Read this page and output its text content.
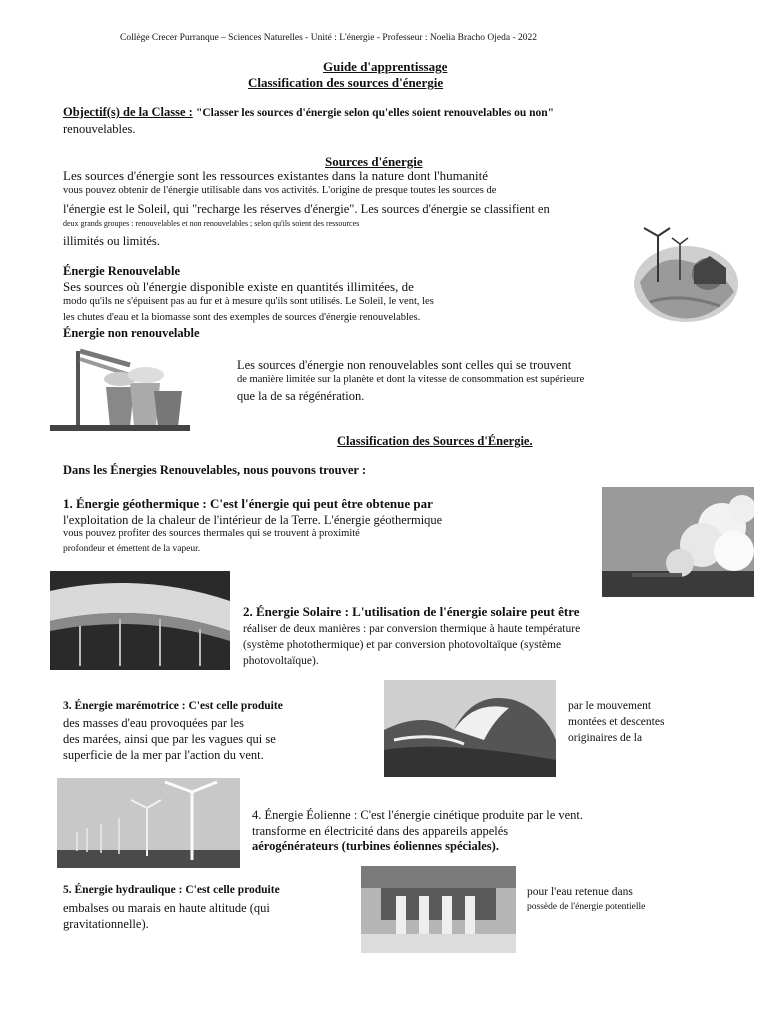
Collège Crecer Purranque – Sciences Naturelles - Unité : L'énergie - Professeur : Noelia Bracho Ojeda - 2022
Guide d'apprentissage
Classification des sources d'énergie
Objectif(s) de la Classe : "Classer les sources d'énergie selon qu'elles soient renouvelables ou non"
renouvelables.
Sources d'énergie
Les sources d'énergie sont les ressources existantes dans la nature dont l'humanité
vous pouvez obtenir de l'énergie utilisable dans vos activités. L'origine de presque toutes les sources de
l'énergie est le Soleil, qui "recharge les réserves d'énergie". Les sources d'énergie se classifient en
deux grands groupes : renouvelables et non renouvelables ; selon qu'ils soient des ressources
illimités ou limités.
Énergie Renouvelable
Ses sources où l'énergie disponible existe en quantités illimitées, de
modo qu'ils ne s'épuisent pas au fur et à mesure qu'ils sont utilisés. Le Soleil, le vent, les
les chutes d'eau et la biomasse sont des exemples de sources d'énergie renouvelables.
Énergie non renouvelable
Les sources d'énergie non renouvelables sont celles qui se trouvent
de manière limitée sur la planète et dont la vitesse de consommation est supérieure
que la de sa régénération.
Classification des Sources d'Énergie.
Dans les Énergies Renouvelables, nous pouvons trouver :
1. Énergie géothermique : C'est l'énergie qui peut être obtenue par
l'exploitation de la chaleur de l'intérieur de la Terre. L'énergie géothermique
vous pouvez profiter des sources thermales qui se trouvent à proximité
profondeur et émettent de la vapeur.
2. Énergie Solaire : L'utilisation de l'énergie solaire peut être
réaliser de deux manières : par conversion thermique à haute température
(système photothermique) et par conversion photovoltaïque (système
photovoltaïque).
3. Énergie marémotrice : C'est celle produite
des masses d'eau provoquées par les
des marées, ainsi que par les vagues qui se
superficie de la mer par l'action du vent.
par le mouvement
montées et descentes
originaires de la
4. Énergie Éolienne : C'est l'énergie cinétique produite par le vent.
transforme en électricité dans des appareils appelés
aérogénérateurs (turbines éoliennes spéciales).
5. Énergie hydraulique : C'est celle produite
embalses ou marais en haute altitude (qui
gravitationnelle).
pour l'eau retenue dans
possède de l'énergie potentielle
